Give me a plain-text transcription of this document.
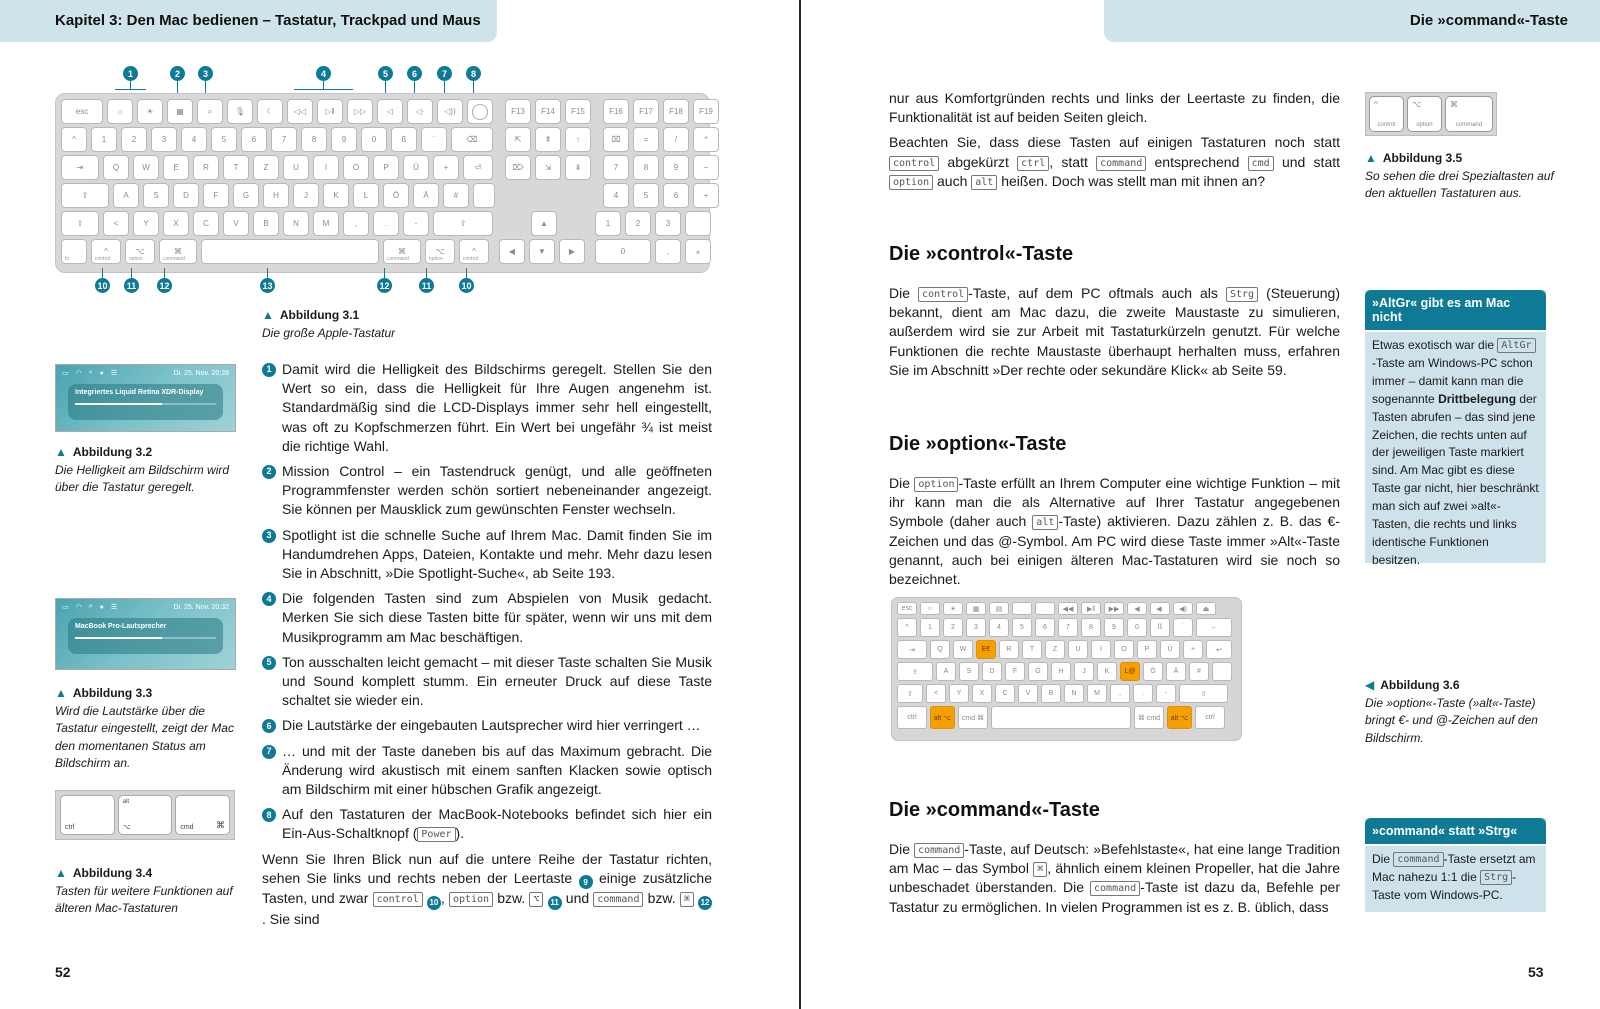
Kapitel 3: Den Mac bedienen – Tastatur, Trackpad und Maus
1	2	3	4	5	6	7	8
esc	☼	☀	▦	⌕	🎙︎	☾	◁◁	▷‖	▷▷	◁	◁·	◁))	F13	F14	F15	F16	F17	F18	F19
^	1	2	3	4	5	6	7	8	9	0	ß	´	⌫	⇱	⇞	↑	⌧	=	/	*
⇥	Q	W	E	R	T	Z	U	I	O	P	Ü	+	⏎	⌦	⇲	⇟	7	8	9	−
⇪	A	S	D	F	G	H	J	K	L	Ö	Ä	#	4	5	6	+
⇧	<	Y	X	C	V	B	N	M	,	.	-	⇧	▲	1	2	3
fn
^
control
⌥
option
⌘
command
⌘
command
⌥
option
^
control
◀	▼	▶	0	,	⌅
10	11	12	13	12	11	10
▲ Abbildung 3.1
Die große Apple-Tastatur
▭ ◠ ⌕ ● ☰	Di. 25. Nov. 20:28
Integriertes Liquid Retina XDR-Display
▲ Abbildung 3.2
Die Helligkeit am Bildschirm wird über die Tastatur geregelt.
▭ ◠ ⌕ ● ☰	Di. 25. Nov. 20:32
MacBook Pro-Lautsprecher
▲ Abbildung 3.3
Wird die Lautstärke über die Tastatur eingestellt, zeigt der Mac den momentanen Status am Bildschirm an.
ctrl
alt
⌥	cmd ⌘
▲ Abbildung 3.4
Tasten für weitere Funktionen auf älteren Mac-Tastaturen
1 Damit wird die Helligkeit des Bildschirms geregelt. Stellen Sie den Wert so ein, dass die Helligkeit für Ihre Augen angenehm ist. Standardmäßig sind die LCD-Displays immer sehr hell eingestellt, was oft zu Kopfschmerzen führt. Ein Wert bei ungefähr ¾ ist meist die richtige Wahl.
2 Mission Control – ein Tastendruck genügt, und alle geöffneten Programmfenster werden schön sortiert nebeneinander angezeigt. Sie können per Mausklick zum gewünschten Fenster wechseln.
3 Spotlight ist die schnelle Suche auf Ihrem Mac. Damit finden Sie im Handumdrehen Apps, Dateien, Kontakte und mehr. Mehr dazu lesen Sie in Abschnitt, »Die Spotlight-Suche«, ab Seite 193.
4 Die folgenden Tasten sind zum Abspielen von Musik gedacht. Merken Sie sich diese Tasten bitte für später, wenn wir uns mit dem Musikprogramm am Mac beschäftigen.
5 Ton ausschalten leicht gemacht – mit dieser Taste schalten Sie Musik und Sound komplett stumm. Ein erneuter Druck auf diese Taste schaltet sie wieder ein.
6 Die Lautstärke der eingebauten Lautsprecher wird hier verringert …
7 … und mit der Taste daneben bis auf das Maximum gebracht. Die Änderung wird akustisch mit einem sanften Klacken sowie optisch am Bildschirm mit einer hübschen Grafik angezeigt.
8 Auf den Tastaturen der MacBook-Notebooks befindet sich hier ein Ein-Aus-Schaltknopf ( Power ).

Wenn Sie Ihren Blick nun auf die untere Reihe der Tastatur richten, sehen Sie links und rechts neben der Leertaste 9 einige zusätzliche Tasten, und zwar control 10 , option bzw. ⌥ 11 und command bzw. ⌘ 12. Sie sind

52
Die »command«-Taste

nur aus Komfortgründen rechts und links der Leertaste zu finden, die Funktionalität ist auf beiden Seiten gleich.

Beachten Sie, dass diese Tasten auf einigen Tastaturen noch statt control abgekürzt ctrl , statt command entsprechend cmd und statt option auch alt heißen. Doch was stellt man mit ihnen an?

^
control
⌥
option
⌘
command
▲ Abbildung 3.5
So sehen die drei Spezialtasten auf den aktuellen Tastaturen aus.
Die »control«-Taste
Die control -Taste, auf dem PC oftmals auch als Strg (Steuerung) bekannt, dient am Mac dazu, die zweite Maustaste zu simulieren, außerdem wird sie zur Arbeit mit Tastaturkürzeln genutzt. Für welche Funktionen die rechte Maustaste überhaupt herhalten muss, erfahren Sie im Abschnitt »Der rechte oder sekundäre Klick« ab Seite 59.
»AltGr« gibt es am Mac nicht
Etwas exotisch war die AltGr-Taste am Windows-PC schon immer – damit kann man die sogenannte Drittbelegung der Tasten abrufen – das sind jene Zeichen, die rechts unten auf der jeweiligen Taste markiert sind. Am Mac gibt es diese Taste gar nicht, hier beschränkt man sich auf zwei »alt«-Tasten, die rechts und links identische Funktionen besitzen.
Die »option«-Taste
Die option -Taste erfüllt an Ihrem Computer eine wichtige Funktion – mit ihr kann man die als Alternative auf Ihrer Tastatur angegebenen Symbole (daher auch alt -Taste) aktivieren. Dazu zählen z. B. das €-Zeichen und das @-Symbol. Am PC wird diese Taste immer »Alt«-Taste genannt, auch bei einigen älteren Mac-Tastaturen wird sie noch so bezeichnet.
esc	☼	☀	▦	▤	◀◀	▶‖	▶▶	◀	◀·	◀)	⏏
^	1	2	3	4	5	6	7	8	9	0	ß	´	←
⇥	Q	W	E€	R	T	Z	U	I	O	P	Ü	+	↩
⇪	A	S	D	F	G	H	J	K	L@	Ö	Ä	#
⇧	<	Y	X	C	V	B	N	M	,	.	-	⇧
ctrl	alt ⌥	cmd ⌘	⌘ cmd	alt ⌥	ctrl
◀ Abbildung 3.6
Die »option«-Taste (»alt«-Taste) bringt €- und @-Zeichen auf den Bildschirm.
Die »command«-Taste
Die command -Taste, auf Deutsch: »Befehlstaste«, hat eine lange Tradition am Mac – das Symbol ⌘ , ähnlich einem kleinen Propeller, hat die Jahre unbeschadet überstanden. Die command -Taste ist dazu da, Befehle per Tastatur zu ermöglichen. In vielen Programmen ist es z. B. üblich, dass
»command« statt »Strg«
Die command -Taste ersetzt am Mac nahezu 1:1 die Strg -Taste vom Windows-PC.
53
